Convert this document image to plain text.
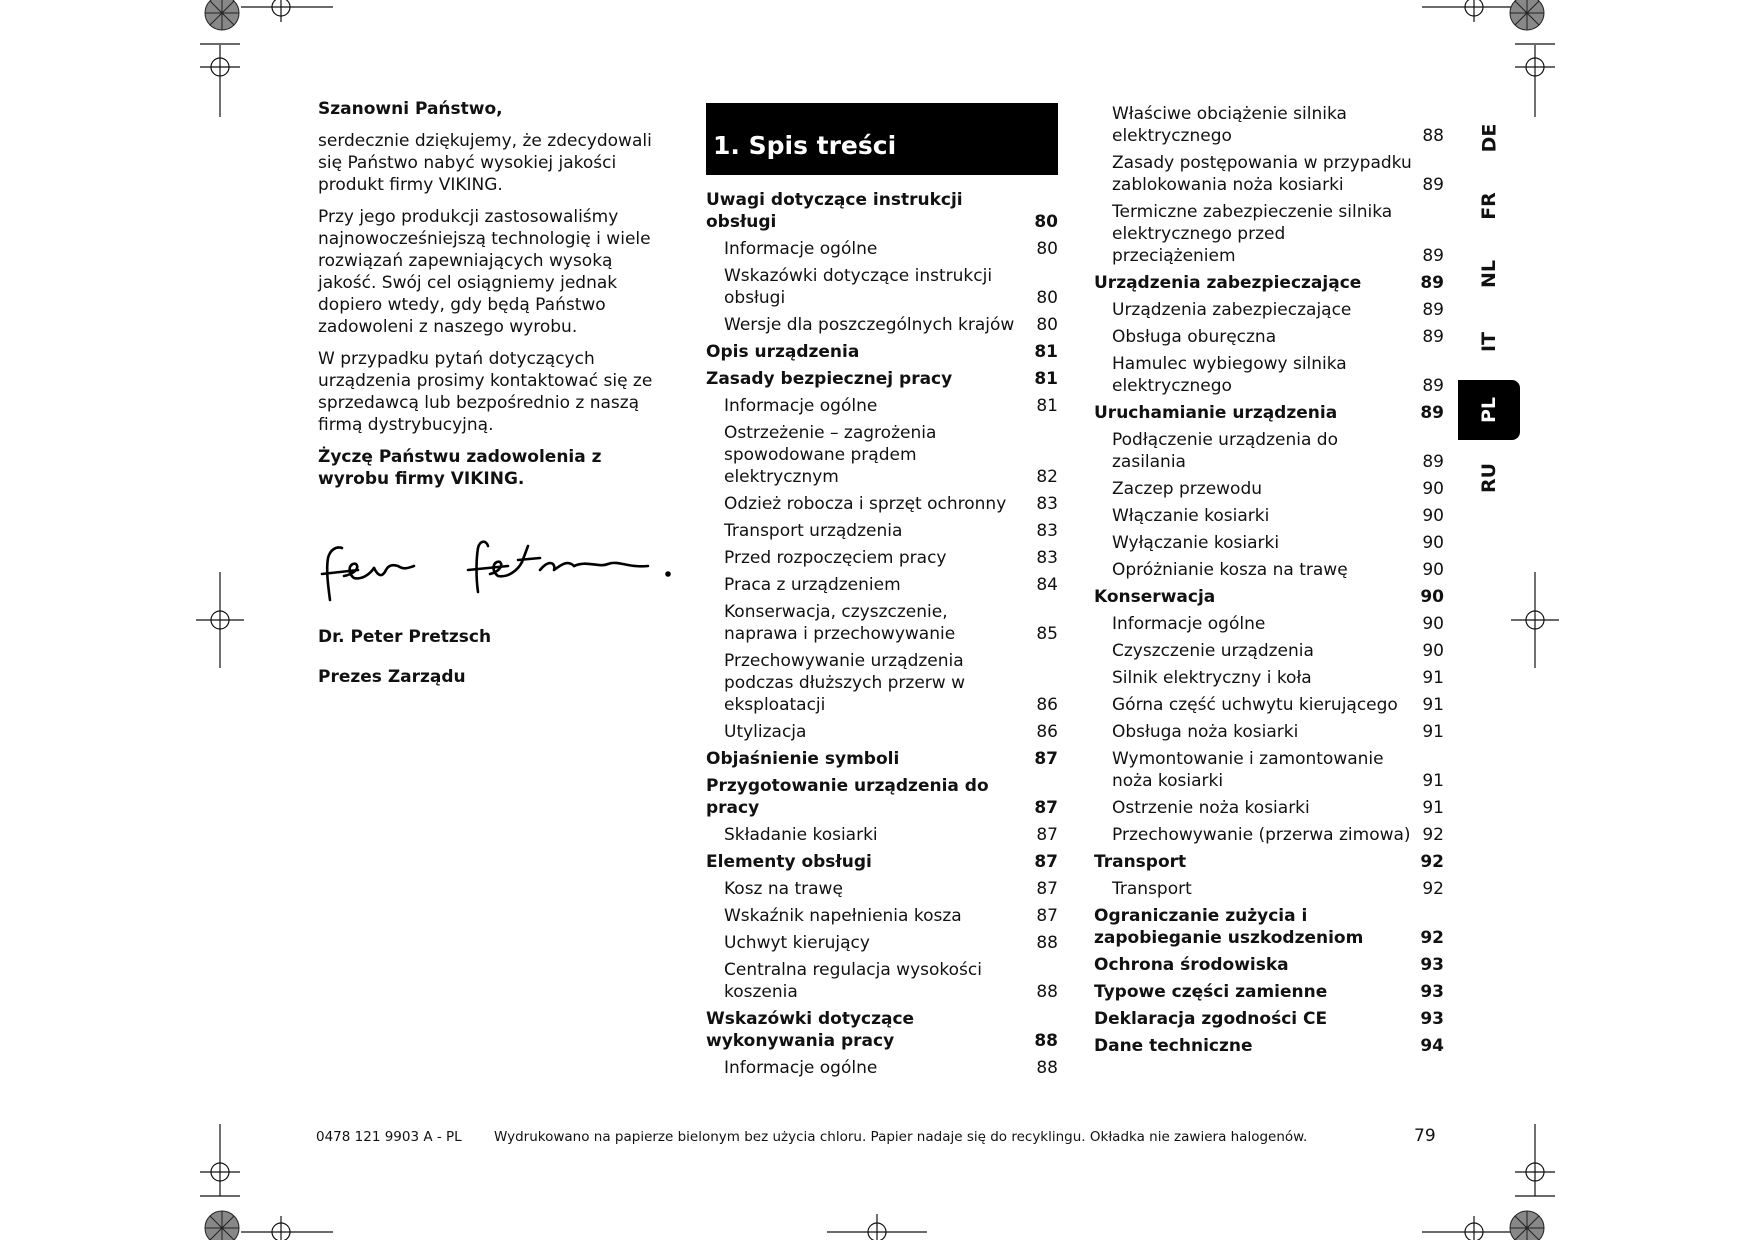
Szanowni Państwo,

serdecznie dziękujemy, że zdecydowali się Państwo nabyć wysokiej jakości produkt firmy VIKING.

Przy jego produkcji zastosowaliśmy najnowocześniejszą technologię i wiele rozwiązań zapewniających wysoką jakość. Swój cel osiągniemy jednak dopiero wtedy, gdy będą Państwo zadowoleni z naszego wyrobu.

W przypadku pytań dotyczących urządzenia prosimy kontaktować się ze sprzedawcą lub bezpośrednio z naszą firmą dystrybucyjną.

Życzę Państwu zadowolenia z wyrobu firmy VIKING.

Dr. Peter Pretzsch

Prezes Zarządu

1. Spis treści
Uwagi dotyczące instrukcji obsługi	80
Informacje ogólne	80
Wskazówki dotyczące instrukcji obsługi	80
Wersje dla poszczególnych krajów	80
Opis urządzenia	81
Zasady bezpiecznej pracy	81
Informacje ogólne	81
Ostrzeżenie – zagrożenia spowodowane prądem elektrycznym	82
Odzież robocza i sprzęt ochronny	83
Transport urządzenia	83
Przed rozpoczęciem pracy	83
Praca z urządzeniem	84
Konserwacja, czyszczenie, naprawa i przechowywanie	85
Przechowywanie urządzenia podczas dłuższych przerw w eksploatacji	86
Utylizacja	86
Objaśnienie symboli	87
Przygotowanie urządzenia do pracy	87
Składanie kosiarki	87
Elementy obsługi	87
Kosz na trawę	87
Wskaźnik napełnienia kosza	87
Uchwyt kierujący	88
Centralna regulacja wysokości koszenia	88
Wskazówki dotyczące wykonywania pracy	88
Informacje ogólne	88
Właściwe obciążenie silnika elektrycznego	88
Zasady postępowania w przypadku zablokowania noża kosiarki	89
Termiczne zabezpieczenie silnika elektrycznego przed przeciążeniem	89
Urządzenia zabezpieczające	89
Urządzenia zabezpieczające	89
Obsługa oburęczna	89
Hamulec wybiegowy silnika elektrycznego	89
Uruchamianie urządzenia	89
Podłączenie urządzenia do zasilania	89
Zaczep przewodu	90
Włączanie kosiarki	90
Wyłączanie kosiarki	90
Opróżnianie kosza na trawę	90
Konserwacja	90
Informacje ogólne	90
Czyszczenie urządzenia	90
Silnik elektryczny i koła	91
Górna część uchwytu kierującego	91
Obsługa noża kosiarki	91
Wymontowanie i zamontowanie noża kosiarki	91
Ostrzenie noża kosiarki	91
Przechowywanie (przerwa zimowa) 92
Transport	92
Transport	92
Ograniczanie zużycia i zapobieganie uszkodzeniom	92
Ochrona środowiska	93
Typowe części zamienne	93
Deklaracja zgodności CE	93
Dane techniczne	94
DE
FR
NL
IT
PL
RU
0478 121 9903 A - PL Wydrukowano na papierze bielonym bez użycia chloru. Papier nadaje się do recyklingu. Okładka nie zawiera halogenów.	79
